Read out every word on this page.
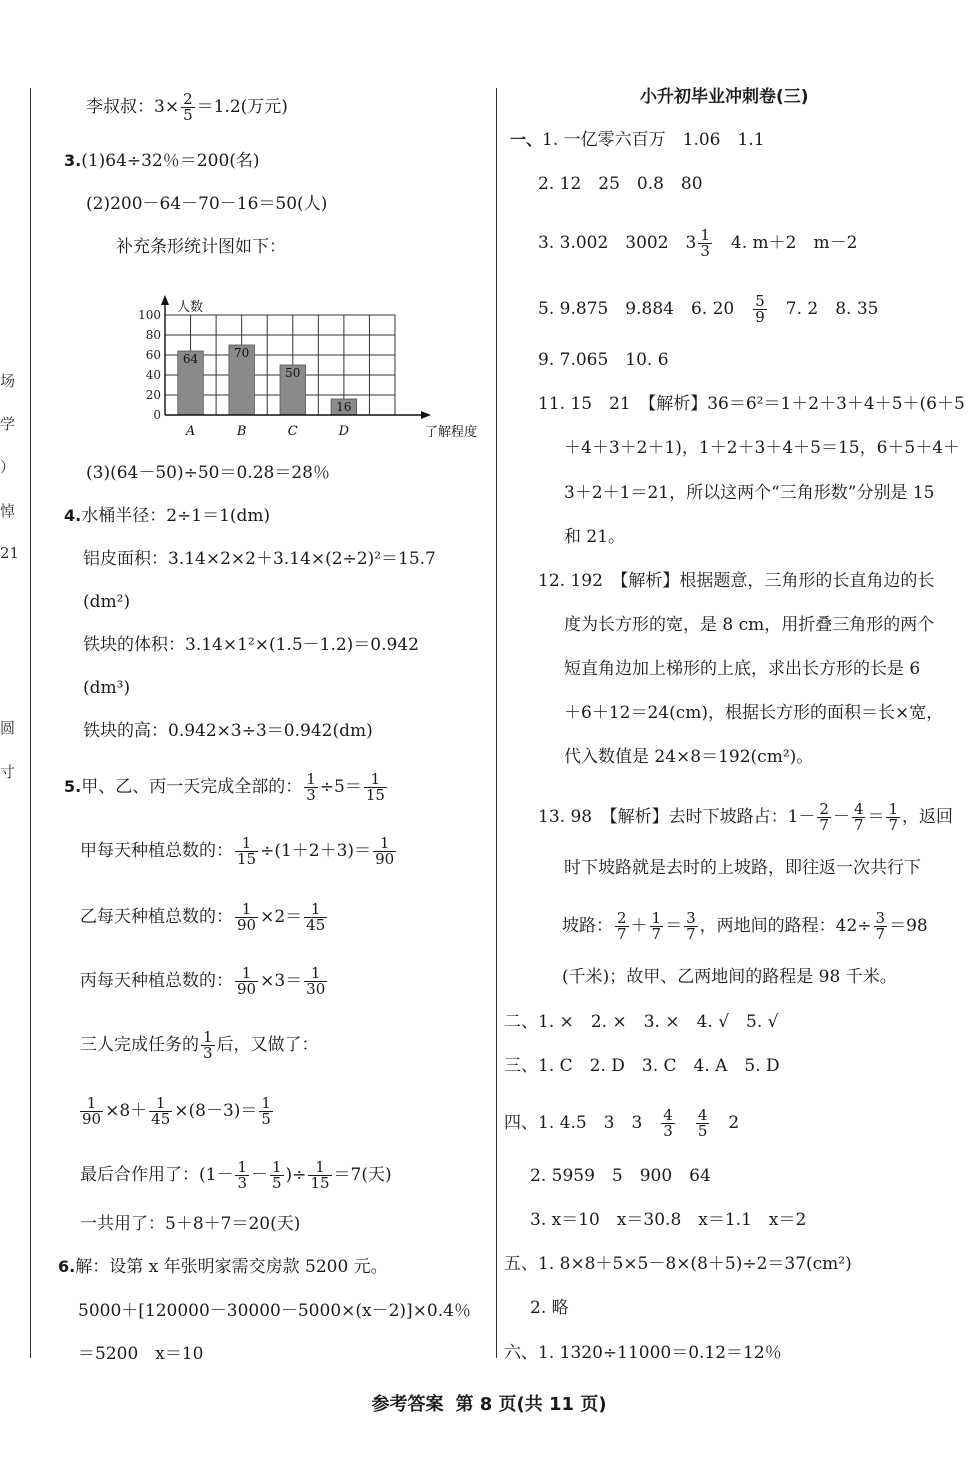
场
学
）
悼
21
圆
寸
李叔叔：$3\times \frac{2}{5} =1.2$(万元)
3.(1)64÷32％＝200(名)
(2)200－64－70－16＝50(人)
补充条形统计图如下：
0
20
40
60
80
100
64
A
70
B
50
C
16
D
人数
了解程度
(3)(64－50)÷50＝0.28＝28％
4.水桶半径：2÷1＝1(dm)
铝皮面积：3.14×2×2＋3.14×(2÷2)²＝15.7
(dm²)
铁块的体积：3.14×1²×(1.5－1.2)＝0.942
(dm³)
铁块的高：0.942×3÷3＝0.942(dm)
5.甲、乙、丙一天完成全部的： $\frac{1}{3} \div 5= \frac{1}{15}$
甲每天种植总数的： $\frac{1}{15} \div(1+2+3)= \frac{1}{90}$
乙每天种植总数的： $\frac{1}{90} \times 2= \frac{1}{45}$
丙每天种植总数的： $\frac{1}{90} \times 3= \frac{1}{30}$
三人完成任务的 $\frac{1}{3}$ 后，又做了：
$\frac{1}{90} \times 8+ \frac{1}{45} \times(8-3)= \frac{1}{5}$
最后合作用了：($1- \frac{1}{3} - \frac{1}{5}$ )÷ $\frac{1}{15} =7$(天)
一共用了：5＋8＋7＝20(天)
6.解：设第 x 年张明家需交房款 5200 元。
5000＋[120000－30000－5000×(x－2)]×0.4％
＝5200　x＝10
小升初毕业冲刺卷(三)
一、1. 一亿零六百万　1.06　1.1
2. 12　25　0.8　80
3. 3.002　3002　$3 \frac{1}{3}$
　 4. m＋2　m－2
5. 9.875　9.884　6. 20　 $\frac{5}{9}$
　 7. 2　8. 35
9. 7.065　10. 6
11. 15　21　【解析】36＝6²＝1＋2＋3＋4＋5＋(6＋5
＋4＋3＋2＋1)，1＋2＋3＋4＋5＝15，6＋5＋4＋
3＋2＋1＝21，所以这两个“三角形数”分别是 15
和 21。
12. 192　【解析】根据题意，三角形的长直角边的长
度为长方形的宽，是 8 cm，用折叠三角形的两个
短直角边加上梯形的上底，求出长方形的长是 6
＋6＋12＝24(cm)，根据长方形的面积＝长×宽，
代入数值是 24×8＝192(cm²)。
13. 98　【解析】去时下坡路占：$1- \frac{2}{7} - \frac{4}{7} = \frac{1}{7}$ ，返回
时下坡路就是去时的上坡路，即往返一次共行下
坡路： $\frac{2}{7} + \frac{1}{7} = \frac{3}{7}$ ，两地间的路程：$42\div \frac{3}{7} =98$
(千米)；故甲、乙两地间的路程是 98 千米。
二、1. ×　2. ×　3. ×　4. √　5. √
三、1. C　2. D　3. C　4. A　5. D
四、1. 4.5　3　3　 $\frac{4}{3}$
　 $\frac{4}{5}$
　 2
2. 5959　5　900　64
3. x＝10　x＝30.8　x＝1.1　x＝2
五、1. 8×8＋5×5－8×(8＋5)÷2＝37(cm²)
2. 略
六、1. 1320÷11000＝0.12＝12％
参考答案 第 8 页(共 11 页)
